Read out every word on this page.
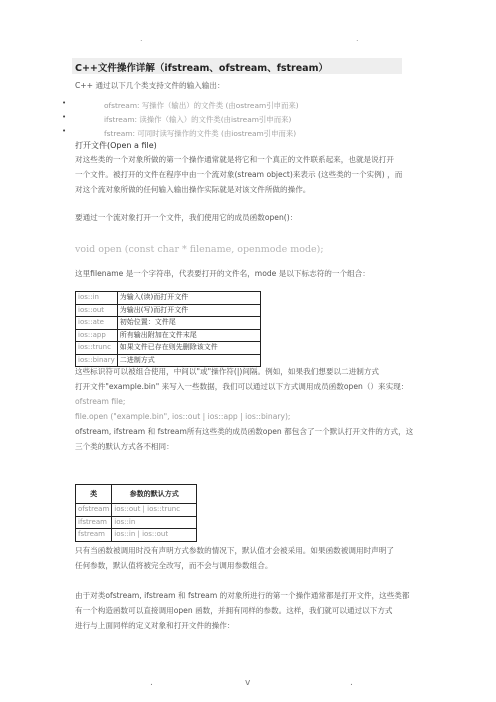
.	.
C++文件操作详解（ifstream、ofstream、fstream）
C++ 通过以下几个类支持文件的输入输出：
•	ofstream: 写操作（输出）的文件类 (由ostream引申而来)
•	ifstream: 读操作（输入）的文件类(由istream引申而来)
•	fstream: 可同时读写操作的文件类 (由iostream引申而来)
打开文件(Open a file)
对这些类的一个对象所做的第一个操作通常就是将它和一个真正的文件联系起来，也就是说打开
一个文件。被打开的文件在程序中由一个流对象(stream object)来表示 (这些类的一个实例) ，而
对这个流对象所做的任何输入输出操作实际就是对该文件所做的操作。
要通过一个流对象打开一个文件，我们使用它的成员函数open()：
void open (const char * filename, openmode mode);
这里filename 是一个字符串，代表要打开的文件名，mode 是以下标志符的一个组合：
ios::in	为输入(读)而打开文件
ios::out	为输出(写)而打开文件
ios::ate	初始位置：文件尾
ios::app	所有输出附加在文件末尾
ios::trunc	如果文件已存在则先删除该文件
ios::binary	二进制方式
这些标识符可以被组合使用，中间以"或"操作符(|)间隔。例如，如果我们想要以二进制方式
打开文件"example.bin" 来写入一些数据，我们可以通过以下方式调用成员函数open（）来实现：
ofstream file;
file.open ("example.bin", ios::out | ios::app | ios::binary);
ofstream, ifstream 和 fstream所有这些类的成员函数open 都包含了一个默认打开文件的方式，这
三个类的默认方式各不相同：
类	参数的默认方式
ofstream	ios::out | ios::trunc
ifstream	ios::in
fstream	ios::in | ios::out
只有当函数被调用时没有声明方式参数的情况下，默认值才会被采用。如果函数被调用时声明了
任何参数，默认值将被完全改写，而不会与调用参数组合。
由于对类ofstream, ifstream 和 fstream 的对象所进行的第一个操作通常都是打开文件，这些类都
有一个构造函数可以直接调用open 函数，并拥有同样的参数。这样，我们就可以通过以下方式
进行与上面同样的定义对象和打开文件的操作：
.	v	.
